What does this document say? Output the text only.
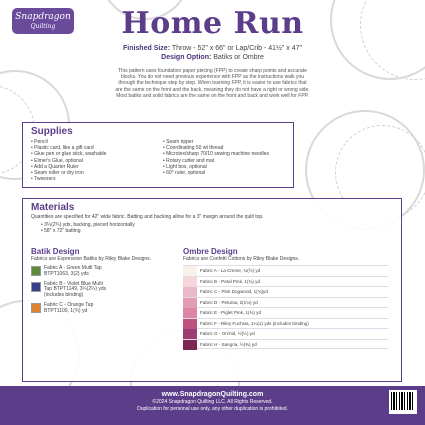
Snapdragon
Quilting	Home Run
Finished Size: Throw - 52" x 66" or Lap/Crib - 41½" x 47"
Design Option: Batiks or Ombre
This pattern uses foundation paper piecing (FPP) to create sharp points and accurate blocks. You do not need previous experience with FPP as the instructions walk you through the technique step by step. When learning FPP, it is easier to use fabrics that are the same on the front and the back, meaning they do not have a right or wrong side. Most batiks and solid fabrics are the same on the front and back and work well for FPP.
Supplies
• Pencil
• Plastic card, like a gift card
• Glue pen or glue stick, washable
• Elmer's Glue, optional
• Add a Quarter Ruler
• Seam roller or dry iron
• Tweezers
• Seam ripper
• Coordinating 50 wt thread
• Microtex/sharp 70/10 sewing machine needles
• Rotary cutter and mat
• Light box, optional
• 60° ruler, optional
Materials
Quantities are specified for 42" wide fabric. Batting and backing allow for a 3" margin around the quilt top.
• 3¼(2¾) yds, backing, pieced horizontally
• 58" x 72" batting
Batik Design
Fabrics are Expression Batiks by Riley Blake Designs.
Fabric A - Green Multi Tap BTPT1063, 3(2) yds
Fabric B - Violet Blue Multi Tap BTPT1149, 3¼(2¼) yds (includes binding)
Fabric C - Orange Tap BTPT1100, 1(¾) yd
Ombre Design
Fabrics are Confetti Cottons by Riley Blake Designs.
Fabric A - La Creme, ¾(½) yd
Fabric B - Petal Pink, 1(¾) yd
Fabric C - Pink Dogwood, 1(¾)yd
Fabric D - Petunia, 2(1¼) yd
Fabric E - Piglet Pink, 1(¾) yd
Fabric F - Riley Fuchsia, 1¼(1) yds (includes binding)
Fabric G - Orchid, ½(½) yd
Fabric H - Sangria, ½(⅜) yd
www.SnapdragonQuilting.com
©2024 Snapdragon Quilting LLC. All Rights Reserved.
Duplication for personal use only, any other duplication is prohibited.
